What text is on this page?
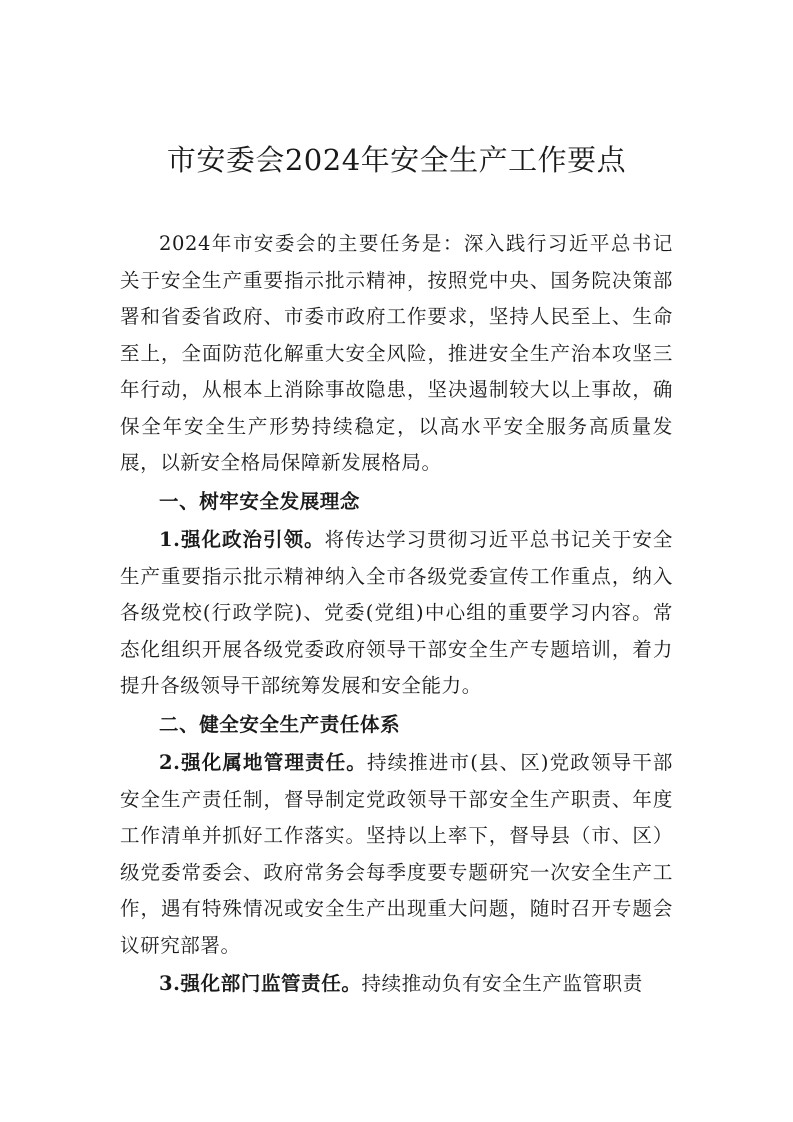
市安委会2024年安全生产工作要点

2024年市安委会的主要任务是：深入践行习近平总书记关于安全生产重要指示批示精神，按照党中央、国务院决策部署和省委省政府、市委市政府工作要求，坚持人民至上、生命至上，全面防范化解重大安全风险，推进安全生产治本攻坚三年行动，从根本上消除事故隐患，坚决遏制较大以上事故，确保全年安全生产形势持续稳定，以高水平安全服务高质量发展，以新安全格局保障新发展格局。

一、树牢安全发展理念

1.强化政治引领。将传达学习贯彻习近平总书记关于安全生产重要指示批示精神纳入全市各级党委宣传工作重点，纳入各级党校(行政学院)、党委(党组)中心组的重要学习内容。常态化组织开展各级党委政府领导干部安全生产专题培训，着力提升各级领导干部统筹发展和安全能力。

二、健全安全生产责任体系

2.强化属地管理责任。持续推进市(县、区)党政领导干部安全生产责任制，督导制定党政领导干部安全生产职责、年度工作清单并抓好工作落实。坚持以上率下，督导县（市、区）级党委常委会、政府常务会每季度要专题研究一次安全生产工作，遇有特殊情况或安全生产出现重大问题，随时召开专题会议研究部署。

3.强化部门监管责任。持续推动负有安全生产监管职责
